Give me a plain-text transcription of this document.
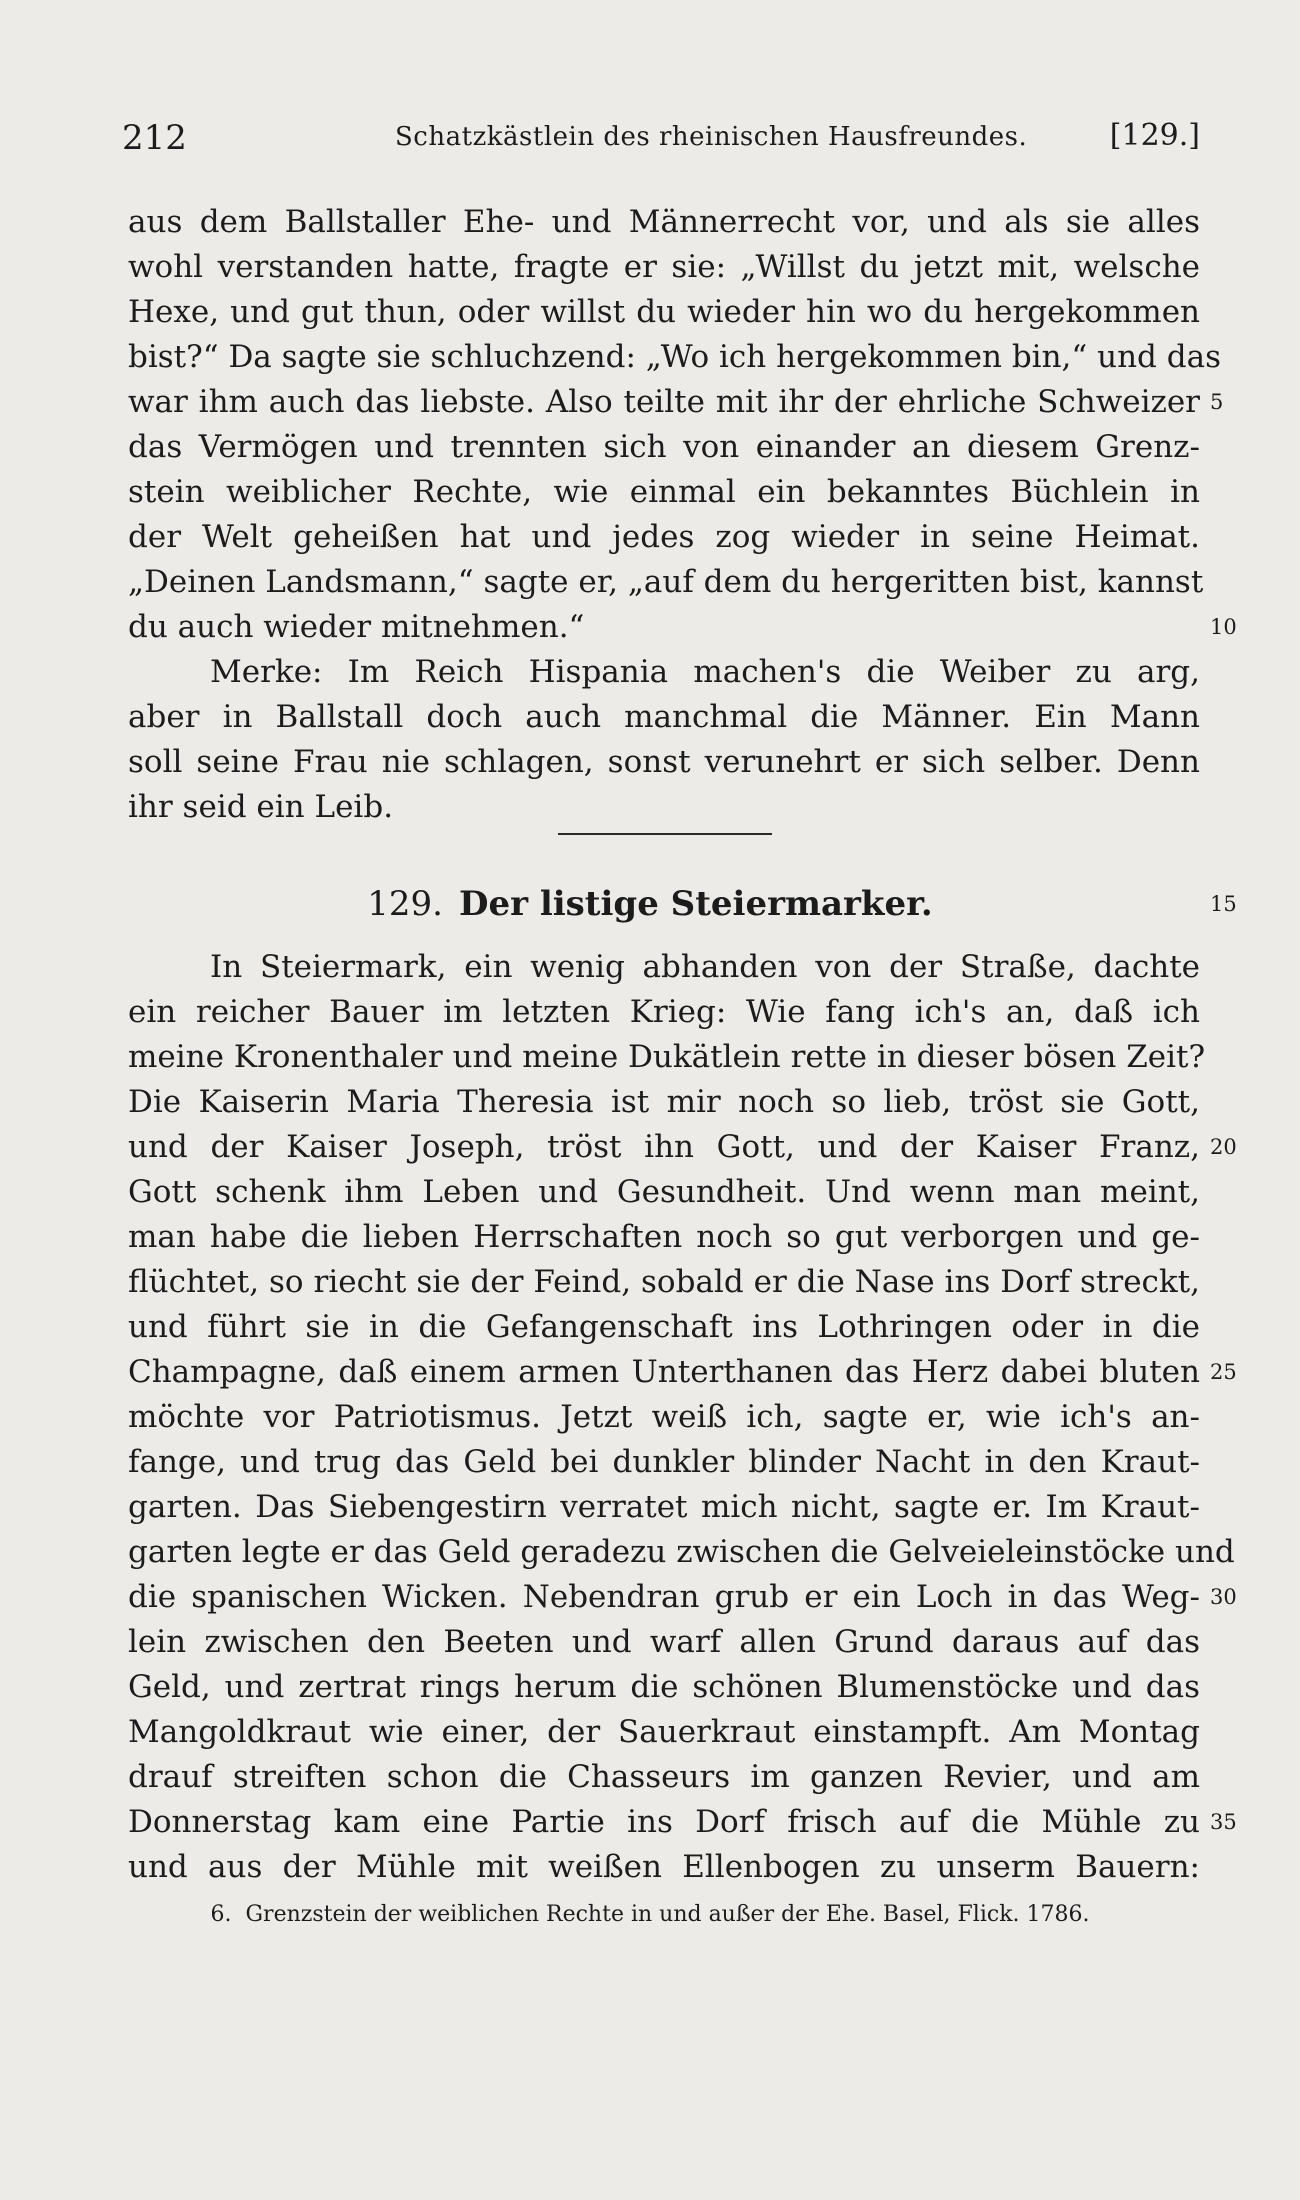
212	Schatzkästlein des rheinischen Hausfreundes.	[129.]
aus dem Ballstaller Ehe- und Männerrecht vor, und als sie alles
wohl verstanden hatte, fragte er sie: „Willst du jetzt mit, welsche
Hexe, und gut thun, oder willst du wieder hin wo du hergekommen
bist?“ Da sagte sie schluchzend: „Wo ich hergekommen bin,“ und das
war ihm auch das liebste. Also teilte mit ihr der ehrliche Schweizer
das Vermögen und trennten sich von einander an diesem Grenz-
stein weiblicher Rechte, wie einmal ein bekanntes Büchlein in
der Welt geheißen hat und jedes zog wieder in seine Heimat.
„Deinen Landsmann,“ sagte er, „auf dem du hergeritten bist, kannst
du auch wieder mitnehmen.“
Merke: Im Reich Hispania machen's die Weiber zu arg,
aber in Ballstall doch auch manchmal die Männer. Ein Mann
soll seine Frau nie schlagen, sonst verunehrt er sich selber. Denn
ihr seid ein Leib.
129. Der listige Steiermarker.
In Steiermark, ein wenig abhanden von der Straße, dachte
ein reicher Bauer im letzten Krieg: Wie fang ich's an, daß ich
meine Kronenthaler und meine Dukätlein rette in dieser bösen Zeit?
Die Kaiserin Maria Theresia ist mir noch so lieb, tröst sie Gott,
und der Kaiser Joseph, tröst ihn Gott, und der Kaiser Franz,
Gott schenk ihm Leben und Gesundheit. Und wenn man meint,
man habe die lieben Herrschaften noch so gut verborgen und ge-
flüchtet, so riecht sie der Feind, sobald er die Nase ins Dorf streckt,
und führt sie in die Gefangenschaft ins Lothringen oder in die
Champagne, daß einem armen Unterthanen das Herz dabei bluten
möchte vor Patriotismus. Jetzt weiß ich, sagte er, wie ich's an-
fange, und trug das Geld bei dunkler blinder Nacht in den Kraut-
garten. Das Siebengestirn verratet mich nicht, sagte er. Im Kraut-
garten legte er das Geld geradezu zwischen die Gelveieleinstöcke und
die spanischen Wicken. Nebendran grub er ein Loch in das Weg-
lein zwischen den Beeten und warf allen Grund daraus auf das
Geld, und zertrat rings herum die schönen Blumenstöcke und das
Mangoldkraut wie einer, der Sauerkraut einstampft. Am Montag
drauf streiften schon die Chasseurs im ganzen Revier, und am
Donnerstag kam eine Partie ins Dorf frisch auf die Mühle zu
und aus der Mühle mit weißen Ellenbogen zu unserm Bauern:
5
10
15
20
25
30
35
6. Grenzstein der weiblichen Rechte in und außer der Ehe. Basel, Flick. 1786.
